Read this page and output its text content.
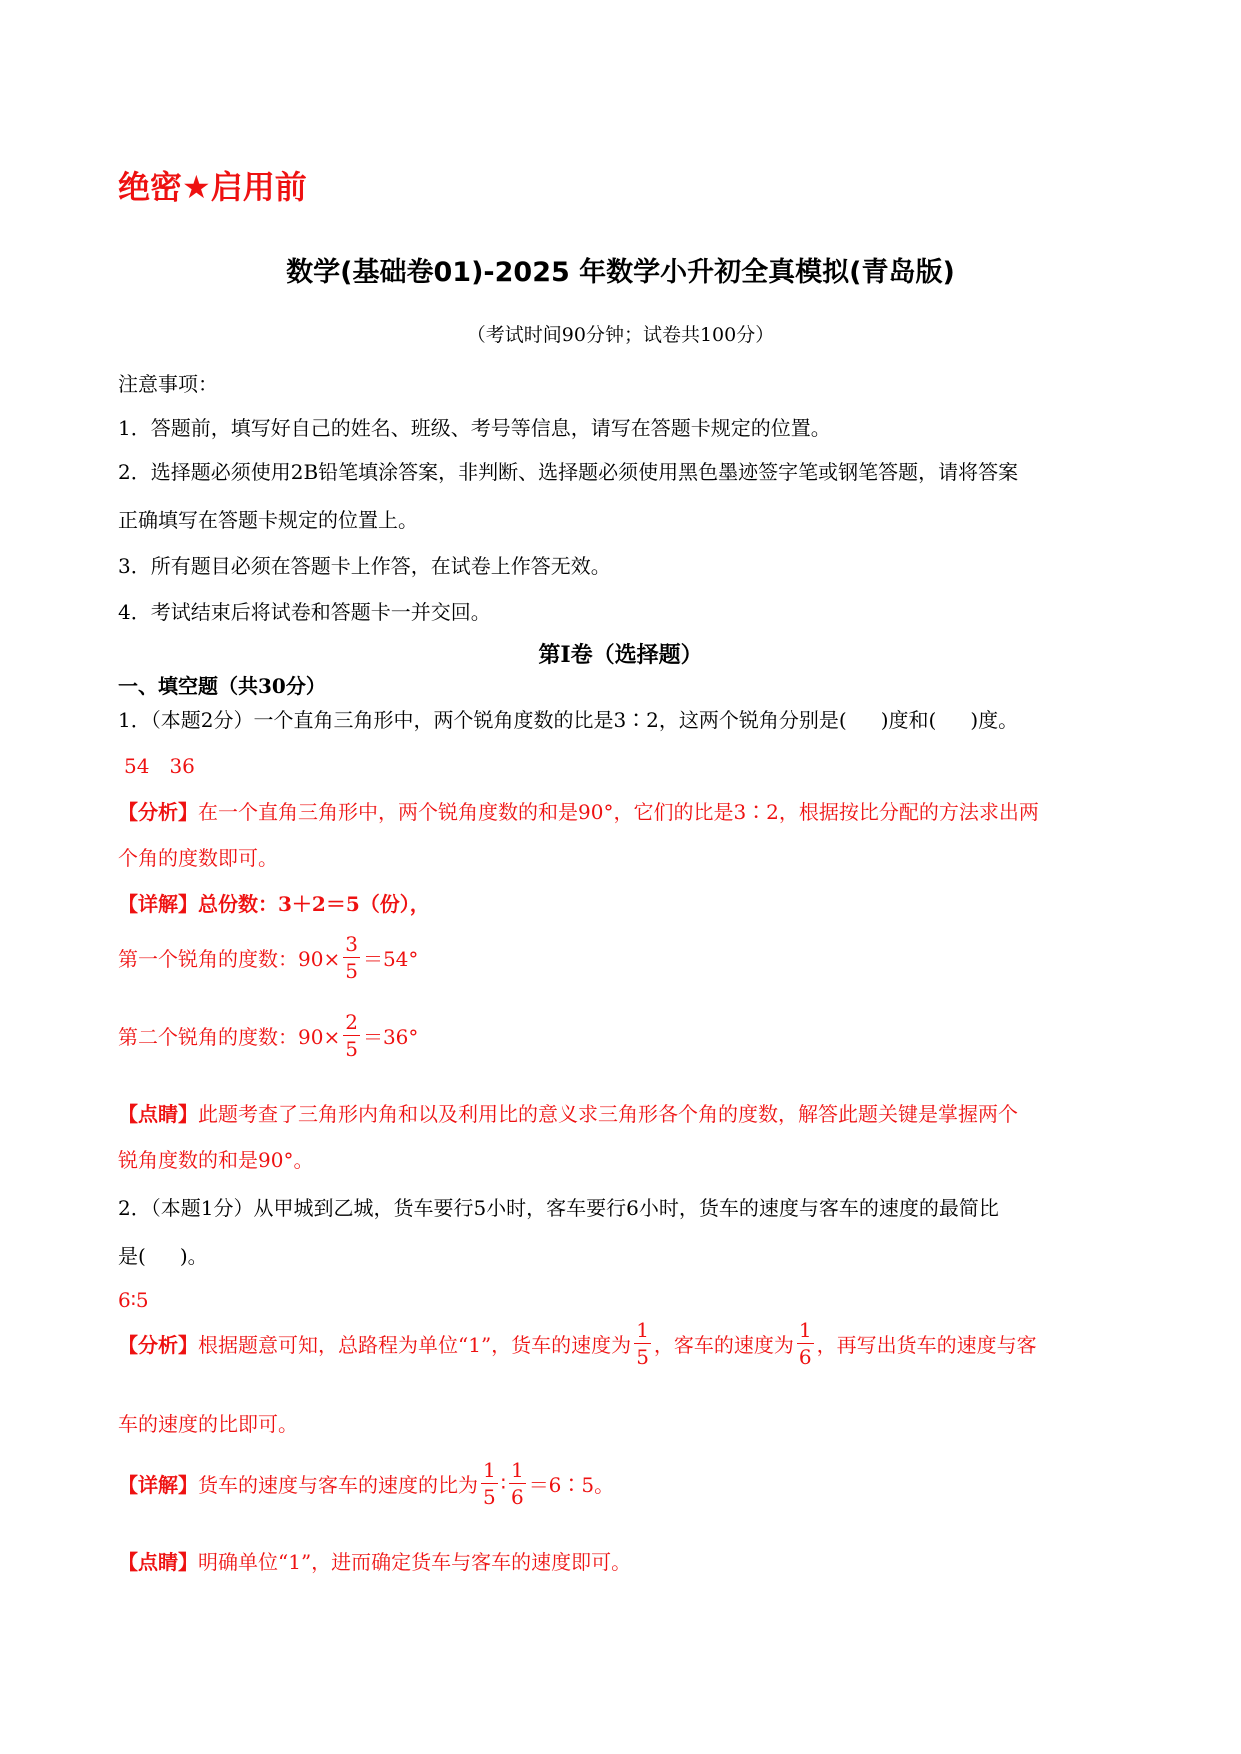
绝密★启用前
数学(基础卷01)-2025 年数学小升初全真模拟(青岛版)
（考试时间90分钟；试卷共100分）
注意事项：
1．答题前，填写好自己的姓名、班级、考号等信息，请写在答题卡规定的位置。
2．选择题必须使用2B铅笔填涂答案，非判断、选择题必须使用黑色墨迹签字笔或钢笔答题，请将答案
正确填写在答题卡规定的位置上。
3．所有题目必须在答题卡上作答，在试卷上作答无效。
4．考试结束后将试卷和答题卡一并交回。
第Ⅰ卷（选择题）
一、填空题（共30分）
1．（本题2分）一个直角三角形中，两个锐角度数的比是3∶2，这两个锐角分别是( )度和( )度。
54　36
【分析】在一个直角三角形中，两个锐角度数的和是90°，它们的比是3∶2，根据按比分配的方法求出两
个角的度数即可。
【详解】总份数：3＋2＝5（份），
第一个锐角的度数：$90\times \frac{3}{5} =54^\circ$
第二个锐角的度数：$90\times \frac{2}{5} =36^\circ$
【点睛】此题考查了三角形内角和以及利用比的意义求三角形各个角的度数，解答此题关键是掌握两个
锐角度数的和是90°。
2．（本题1分）从甲城到乙城，货车要行5小时，客车要行6小时，货车的速度与客车的速度的最简比
是( )。
6∶5
【分析】根据题意可知，总路程为单位“1”，货车的速度为 $\frac{1}{5}$ ，客车的速度为 $\frac{1}{6}$ ，再写出货车的速度与客
车的速度的比即可。
【详解】货车的速度与客车的速度的比为 $\frac{1}{5}$ ∶ $\frac{1}{6}$ ＝6∶5。
【点睛】明确单位“1”，进而确定货车与客车的速度即可。
